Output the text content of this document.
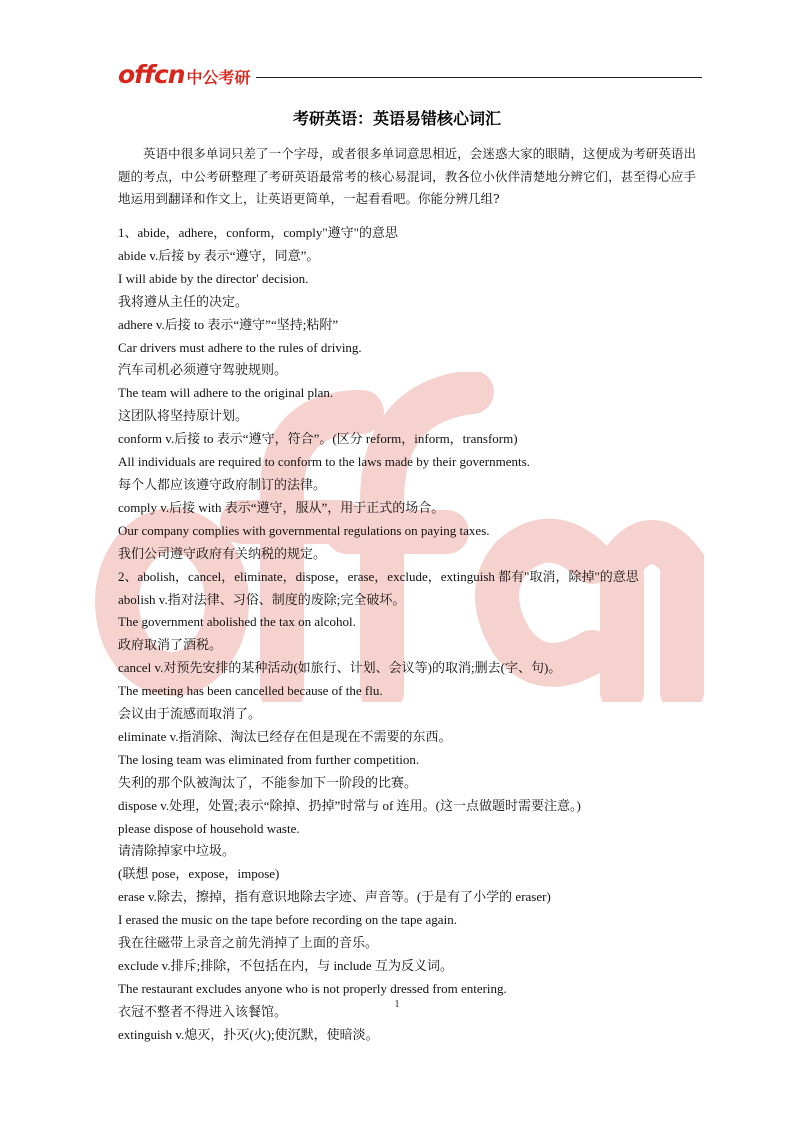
offcn 中公考研
考研英语：英语易错核心词汇
英语中很多单词只差了一个字母，或者很多单词意思相近，会迷惑大家的眼睛，这便成为考研英语出题的考点，中公考研整理了考研英语最常考的核心易混词，教各位小伙伴清楚地分辨它们，甚至得心应手地运用到翻译和作文上，让英语更简单，一起看看吧。你能分辨几组?
1、abide，adhere，conform，comply"遵守"的意思
abide v.后接 by 表示“遵守，同意”。
I will abide by the director' decision.
我将遵从主任的决定。
adhere v.后接 to 表示“遵守”“坚持;粘附”
Car drivers must adhere to the rules of driving.
汽车司机必须遵守驾驶规则。
The team will adhere to the original plan.
这团队将坚持原计划。
conform v.后接 to 表示“遵守，符合”。(区分 reform，inform，transform)
All individuals are required to conform to the laws made by their governments.
每个人都应该遵守政府制订的法律。
comply v.后接 with 表示“遵守，服从”，用于正式的场合。
Our company complies with governmental regulations on paying taxes.
我们公司遵守政府有关纳税的规定。
2、abolish，cancel，eliminate，dispose，erase，exclude，extinguish 都有"取消，除掉"的意思
abolish v.指对法律、习俗、制度的废除;完全破坏。
The government abolished the tax on alcohol.
政府取消了酒税。
cancel v.对预先安排的某种活动(如旅行、计划、会议等)的取消;删去(字、句)。
The meeting has been cancelled because of the flu.
会议由于流感而取消了。
eliminate v.指消除、淘汰已经存在但是现在不需要的东西。
The losing team was eliminated from further competition.
失利的那个队被淘汰了，不能参加下一阶段的比赛。
dispose v.处理，处置;表示“除掉、扔掉”时常与 of 连用。(这一点做题时需要注意。)
please dispose of household waste.
请清除掉家中垃圾。
(联想 pose，expose，impose)
erase v.除去，擦掉，指有意识地除去字迹、声音等。(于是有了小学的 eraser)
I erased the music on the tape before recording on the tape again.
我在往磁带上录音之前先消掉了上面的音乐。
exclude v.排斥;排除，不包括在内，与 include 互为反义词。
The restaurant excludes anyone who is not properly dressed from entering.
衣冠不整者不得进入该餐馆。
extinguish v.熄灭，扑灭(火);使沉默，使暗淡。
1
